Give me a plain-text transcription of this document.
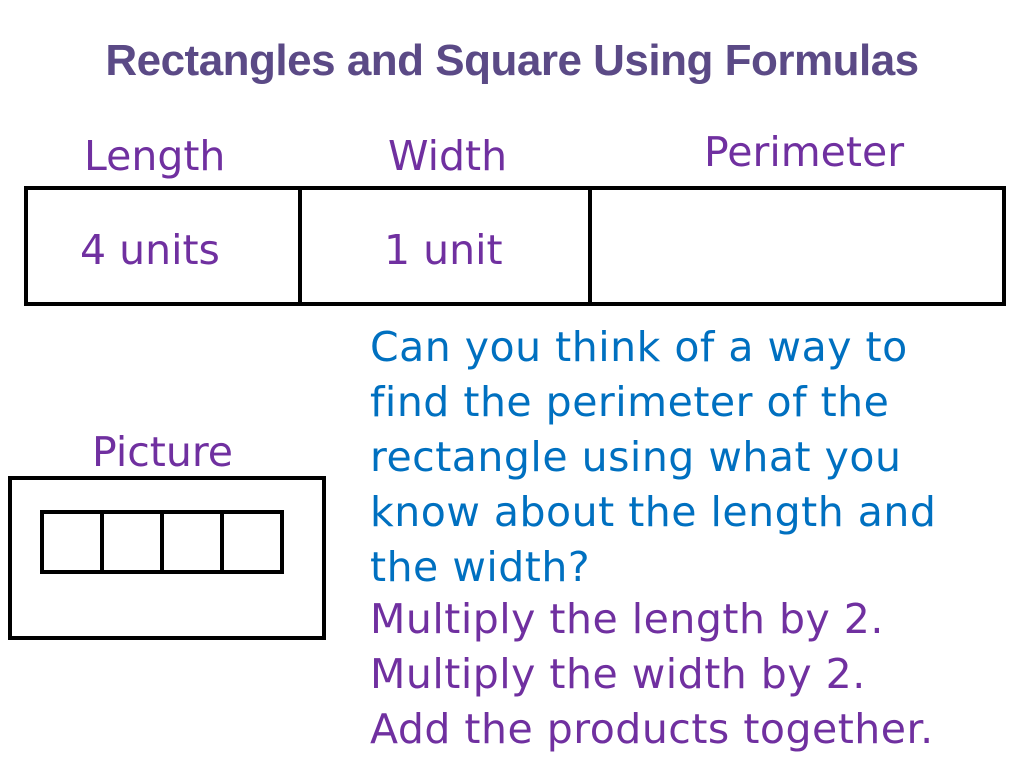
Rectangles and Square Using Formulas
Length	Width	Perimeter
4 units	1 unit
Picture
Can you think of a way to
find the perimeter of the
rectangle using what you
know about the length and
the width?
Multiply the length by 2.
Multiply the width by 2.
Add the products together.
